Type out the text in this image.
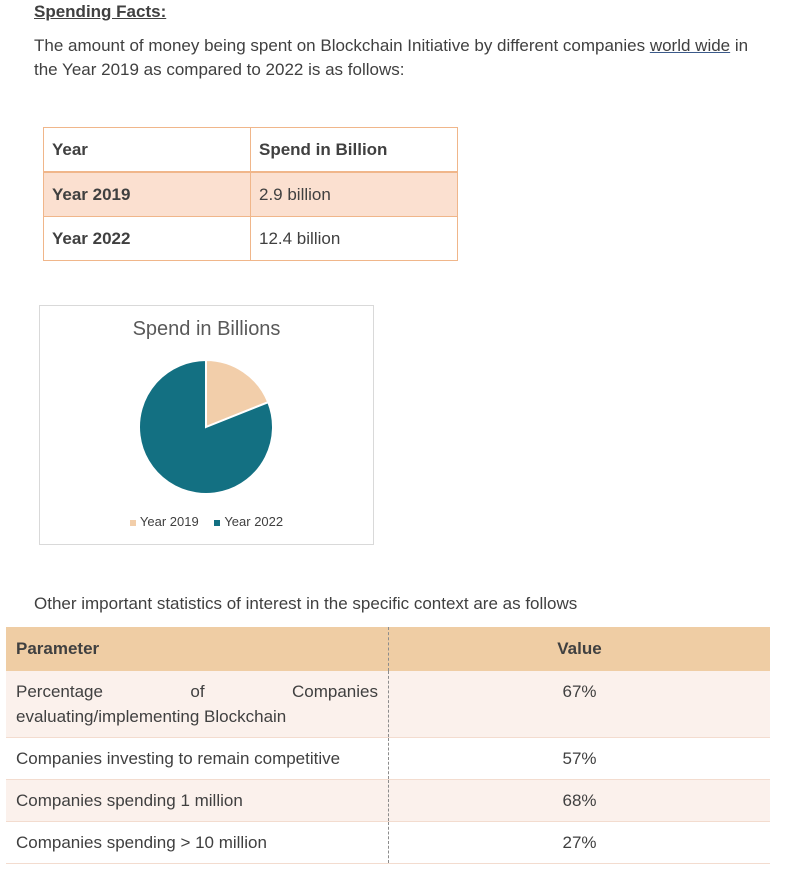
Spending Facts:
The amount of money being spent on Blockchain Initiative by different companies world wide in the Year 2019 as compared to 2022 is as follows:
Year	Spend in Billion
Year 2019	2.9 billion
Year 2022	12.4 billion
Spend in Billions
Year 2019 Year 2022
Other important statistics of interest in the specific context are as follows
Parameter	Value

Percentage of Companies
evaluating/implementing Blockchain	67%
Companies investing to remain competitive	57%
Companies spending 1 million	68%
Companies spending > 10 million	27%
